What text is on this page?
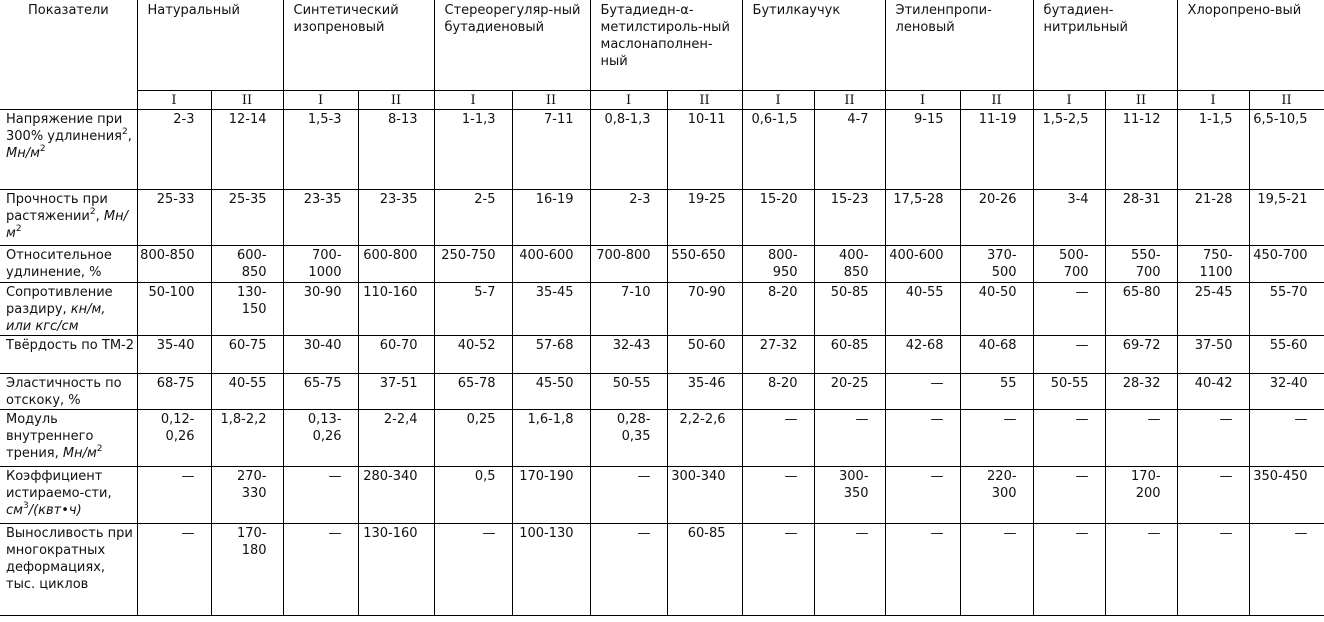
Показатели	Натуральный		Синтетический изопреновый		Стереорегуляр-ный бутадиеновый		Бутадиедн-α-метилстироль-ный маслонаполнен-ный		Бутилкаучук		Этиленпропи-леновый		бутадиен-нитрильный		Хлоропрено-вый	
	I	II	I	II	I	II	I	II	I	II	I	II	I	II	I	II
Напряжение при 300% удлинения$^2$, $Мн/м^2$	2-3	12-14	1,5-3	8-13	1-1,3	7-11	0,8-1,3	10-11	0,6-1,5	4-7	9-15	11-19	1,5-2,5	11-12	1-1,5	6,5-10,5
Прочность при растяжении$^2$, $Мн/м^2$	25-33	25-35	23-35	23-35	2-5	16-19	2-3	19-25	15-20	15-23	17,5-28	20-26	3-4	28-31	21-28	19,5-21
Относительное удлинение, %	800-850	600-850	700-1000	600-800	250-750	400-600	700-800	550-650	800-950	400-850	400-600	370-500	500-700	550-700	750-1100	450-700
Сопротивление раздиру, кн/м, или кгс/см	50-100	130-150	30-90	110-160	5-7	35-45	7-10	70-90	8-20	50-85	40-55	40-50	—	65-80	25-45	55-70
Твёрдость по ТМ-2	35-40	60-75	30-40	60-70	40-52	57-68	32-43	50-60	27-32	60-85	42-68	40-68	—	69-72	37-50	55-60
Эластичность по отскоку, %	68-75	40-55	65-75	37-51	65-78	45-50	50-55	35-46	8-20	20-25	—	55	50-55	28-32	40-42	32-40
Модуль внутреннего трения, $Мн/м^2$	0,12-0,26	1,8-2,2	0,13-0,26	2-2,4	0,25	1,6-1,8	0,28-0,35	2,2-2,6	—	—	—	—	—	—	—	—
Коэффициент истираемо-сти, $см^3/(квт•ч)$	—	270-330	—	280-340	0,5	170-190	—	300-340	—	300-350	—	220-300	—	170-200	—	350-450
Выносливость при многократных деформациях, тыс. циклов	—	170-180	—	130-160	—	100-130	—	60-85	—	—	—	—	—	—	—	—
